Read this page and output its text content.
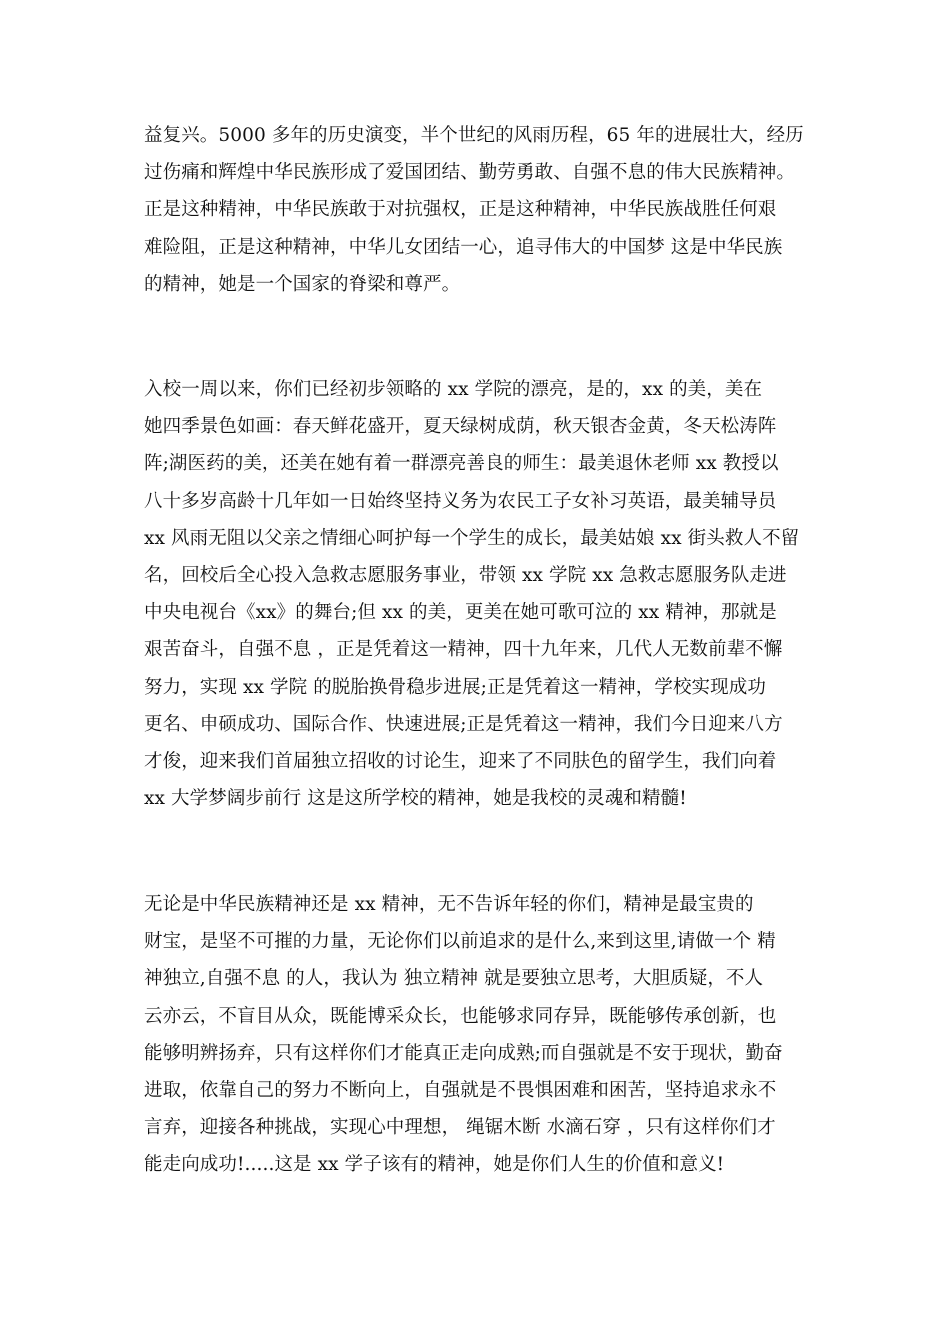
益复兴。5000 多年的历史演变，半个世纪的风雨历程，65 年的进展壮大，经历
过伤痛和辉煌中华民族形成了爱国团结、勤劳勇敢、自强不息的伟大民族精神。
正是这种精神，中华民族敢于对抗强权，正是这种精神，中华民族战胜任何艰
难险阻，正是这种精神，中华儿女团结一心，追寻伟大的中国梦 这是中华民族
的精神，她是一个国家的脊梁和尊严。
入校一周以来，你们已经初步领略的 xx 学院的漂亮，是的，xx 的美，美在
她四季景色如画：春天鲜花盛开，夏天绿树成荫，秋天银杏金黄，冬天松涛阵
阵;湖医药的美，还美在她有着一群漂亮善良的师生：最美退休老师 xx 教授以
八十多岁高龄十几年如一日始终坚持义务为农民工子女补习英语，最美辅导员
xx 风雨无阻以父亲之情细心呵护每一个学生的成长，最美姑娘 xx 街头救人不留
名，回校后全心投入急救志愿服务事业，带领 xx 学院 xx 急救志愿服务队走进
中央电视台《xx》的舞台;但 xx 的美，更美在她可歌可泣的 xx 精神，那就是
艰苦奋斗，自强不息 ，正是凭着这一精神，四十九年来，几代人无数前辈不懈
努力，实现 xx 学院 的脱胎换骨稳步进展;正是凭着这一精神，学校实现成功
更名、申硕成功、国际合作、快速进展;正是凭着这一精神，我们今日迎来八方
才俊，迎来我们首届独立招收的讨论生，迎来了不同肤色的留学生，我们向着
xx 大学梦阔步前行 这是这所学校的精神，她是我校的灵魂和精髓!
无论是中华民族精神还是 xx 精神，无不告诉年轻的你们，精神是最宝贵的
财宝，是坚不可摧的力量，无论你们以前追求的是什么,来到这里,请做一个 精
神独立,自强不息 的人，我认为 独立精神 就是要独立思考，大胆质疑，不人
云亦云，不盲目从众，既能博采众长，也能够求同存异，既能够传承创新，也
能够明辨扬弃，只有这样你们才能真正走向成熟;而自强就是不安于现状，勤奋
进取，依靠自己的努力不断向上，自强就是不畏惧困难和困苦，坚持追求永不
言弃，迎接各种挑战，实现心中理想， 绳锯木断 水滴石穿 ，只有这样你们才
能走向成功!.....这是 xx 学子该有的精神，她是你们人生的价值和意义!
